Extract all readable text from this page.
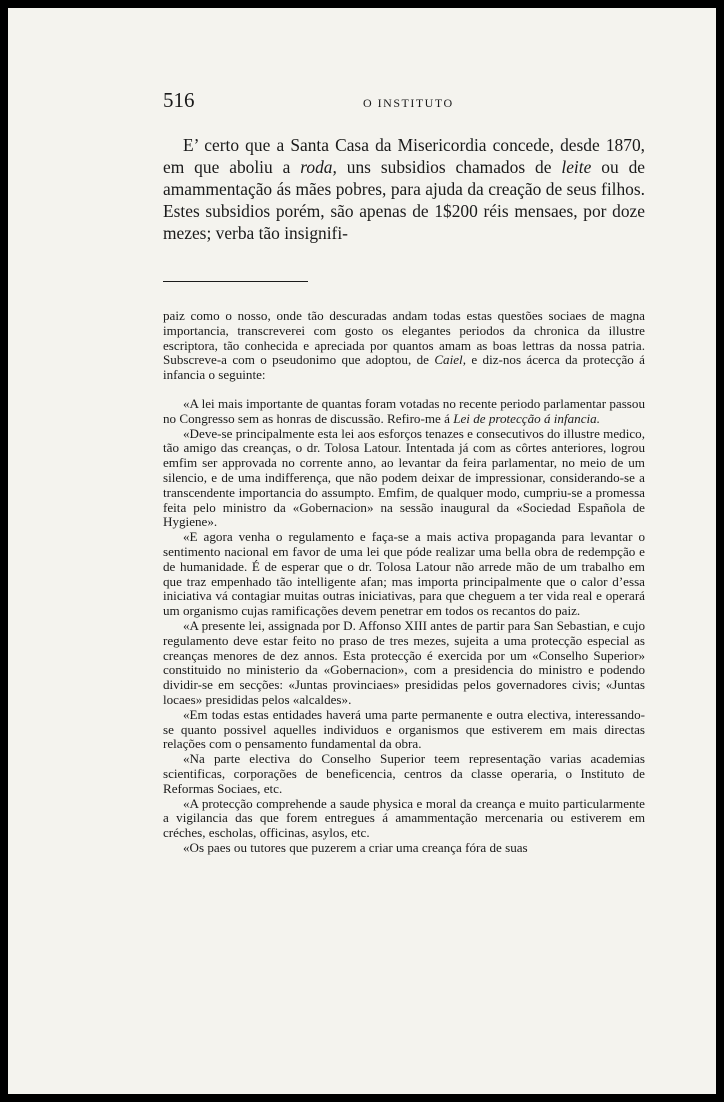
516	O INSTITUTO

E’ certo que a Santa Casa da Misericordia concede, desde 1870, em que aboliu a roda, uns subsidios chamados de leite ou de amammentação ás mães pobres, para ajuda da creação de seus filhos. Estes subsidios porém, são apenas de 1$200 réis mensaes, por doze mezes; verba tão insignifi-

paiz como o nosso, onde tão descuradas andam todas estas questões sociaes de magna importancia, transcreverei com gosto os elegantes periodos da chronica da illustre escriptora, tão conhecida e apreciada por quantos amam as boas lettras da nossa patria. Subscreve-a com o pseudonimo que adoptou, de Caiel, e diz-nos ácerca da protecção á infancia o seguinte:

«A lei mais importante de quantas foram votadas no recente periodo parlamentar passou no Congresso sem as honras de discussão. Refiro-me á Lei de protecção á infancia.

«Deve-se principalmente esta lei aos esforços tenazes e consecutivos do illustre medico, tão amigo das creanças, o dr. Tolosa Latour. Intentada já com as côrtes anteriores, logrou emfim ser approvada no corrente anno, ao levantar da feira parlamentar, no meio de um silencio, e de uma indifferença, que não podem deixar de impressionar, considerando-se a transcendente importancia do assumpto. Emfim, de qualquer modo, cumpriu-se a promessa feita pelo ministro da «Gobernacion» na sessão inaugural da «Sociedad Española de Hygiene».

«E agora venha o regulamento e faça-se a mais activa propaganda para levantar o sentimento nacional em favor de uma lei que póde realizar uma bella obra de redempção e de humanidade. É de esperar que o dr. Tolosa Latour não arrede mão de um trabalho em que traz empenhado tão intelligente afan; mas importa principalmente que o calor d’essa iniciativa vá contagiar muitas outras iniciativas, para que cheguem a ter vida real e operará um organismo cujas ramificações devem penetrar em todos os recantos do paiz.

«A presente lei, assignada por D. Affonso XIII antes de partir para San Sebastian, e cujo regulamento deve estar feito no praso de tres mezes, sujeita a uma protecção especial as creanças menores de dez annos. Esta protecção é exercida por um «Conselho Superior» constituido no ministerio da «Gobernacion», com a presidencia do ministro e podendo dividir-se em secções: «Juntas provinciaes» presididas pelos governadores civis; «Juntas locaes» presididas pelos «alcaldes».

«Em todas estas entidades haverá uma parte permanente e outra electiva, interessando-se quanto possivel aquelles individuos e organismos que estiverem em mais directas relações com o pensamento fundamental da obra.

«Na parte electiva do Conselho Superior teem representação varias academias scientificas, corporações de beneficencia, centros da classe operaria, o Instituto de Reformas Sociaes, etc.

«A protecção comprehende a saude physica e moral da creança e muito particularmente a vigilancia das que forem entregues á amammentação mercenaria ou estiverem em créches, escholas, officinas, asylos, etc.

«Os paes ou tutores que puzerem a criar uma creança fóra de suas
